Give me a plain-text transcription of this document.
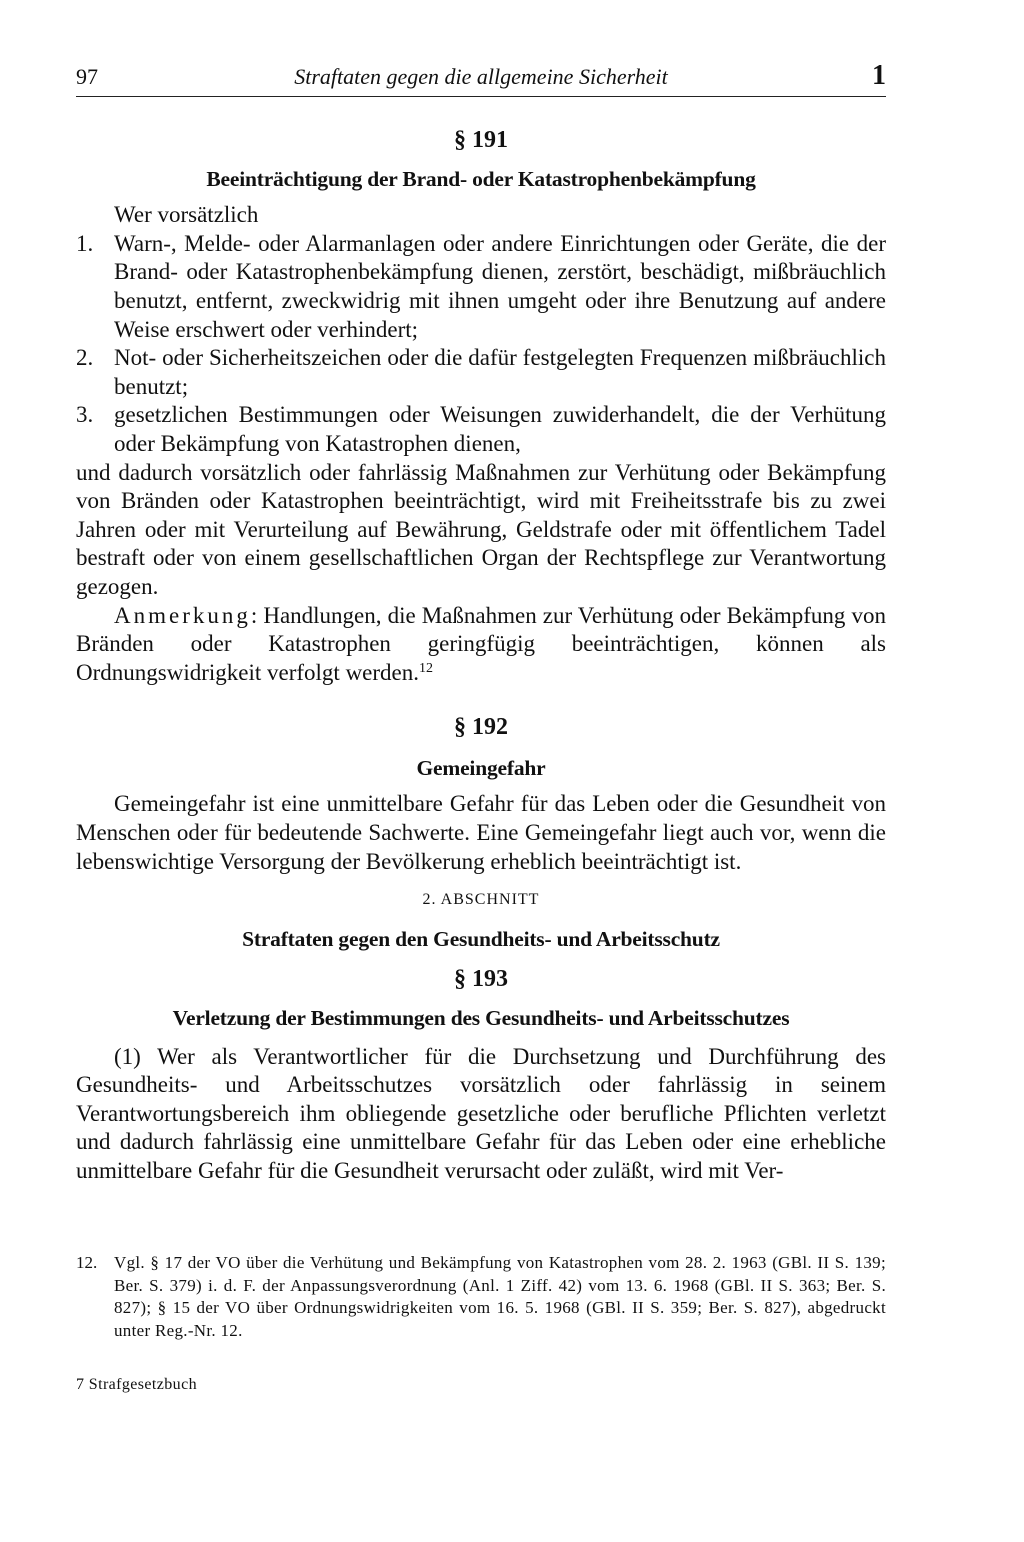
97	Straftaten gegen die allgemeine Sicherheit	1
§ 191
Beeinträchtigung der Brand- oder Katastrophenbekämpfung

Wer vorsätzlich

1. Warn-, Melde- oder Alarmanlagen oder andere Einrichtungen oder Geräte, die der Brand- oder Katastrophenbekämpfung dienen, zerstört, beschädigt, mißbräuchlich benutzt, entfernt, zweckwidrig mit ihnen umgeht oder ihre Benutzung auf andere Weise erschwert oder verhindert;
2. Not- oder Sicherheitszeichen oder die dafür festgelegten Frequenzen mißbräuchlich benutzt;
3. gesetzlichen Bestimmungen oder Weisungen zuwiderhandelt, die der Verhütung oder Bekämpfung von Katastrophen dienen,

und dadurch vorsätzlich oder fahrlässig Maßnahmen zur Verhütung oder Bekämpfung von Bränden oder Katastrophen beeinträchtigt, wird mit Freiheitsstrafe bis zu zwei Jahren oder mit Verurteilung auf Bewährung, Geldstrafe oder mit öffentlichem Tadel bestraft oder von einem gesellschaftlichen Organ der Rechtspflege zur Verantwortung gezogen.

Anmerkung: Handlungen, die Maßnahmen zur Verhütung oder Bekämpfung von Bränden oder Katastrophen geringfügig beeinträchtigen, können als Ordnungswidrigkeit verfolgt werden.$^{12}$

§ 192
Gemeingefahr

Gemeingefahr ist eine unmittelbare Gefahr für das Leben oder die Gesundheit von Menschen oder für bedeutende Sachwerte. Eine Gemeingefahr liegt auch vor, wenn die lebenswichtige Versorgung der Bevölkerung erheblich beeinträchtigt ist.

2. ABSCHNITT
Straftaten gegen den Gesundheits- und Arbeitsschutz
§ 193
Verletzung der Bestimmungen des Gesundheits- und Arbeitsschutzes

(1) Wer als Verantwortlicher für die Durchsetzung und Durchführung des Gesundheits- und Arbeitsschutzes vorsätzlich oder fahrlässig in seinem Verantwortungsbereich ihm obliegende gesetzliche oder berufliche Pflichten verletzt und dadurch fahrlässig eine unmittelbare Gefahr für das Leben oder eine erhebliche unmittelbare Gefahr für die Gesundheit verursacht oder zuläßt, wird mit Ver-

12. Vgl. § 17 der VO über die Verhütung und Bekämpfung von Katastrophen vom 28. 2. 1963 (GBl. II S. 139; Ber. S. 379) i. d. F. der Anpassungsverordnung (Anl. 1 Ziff. 42) vom 13. 6. 1968 (GBl. II S. 363; Ber. S. 827); § 15 der VO über Ordnungswidrigkeiten vom 16. 5. 1968 (GBl. II S. 359; Ber. S. 827), abgedruckt unter Reg.-Nr. 12.
7 Strafgesetzbuch
